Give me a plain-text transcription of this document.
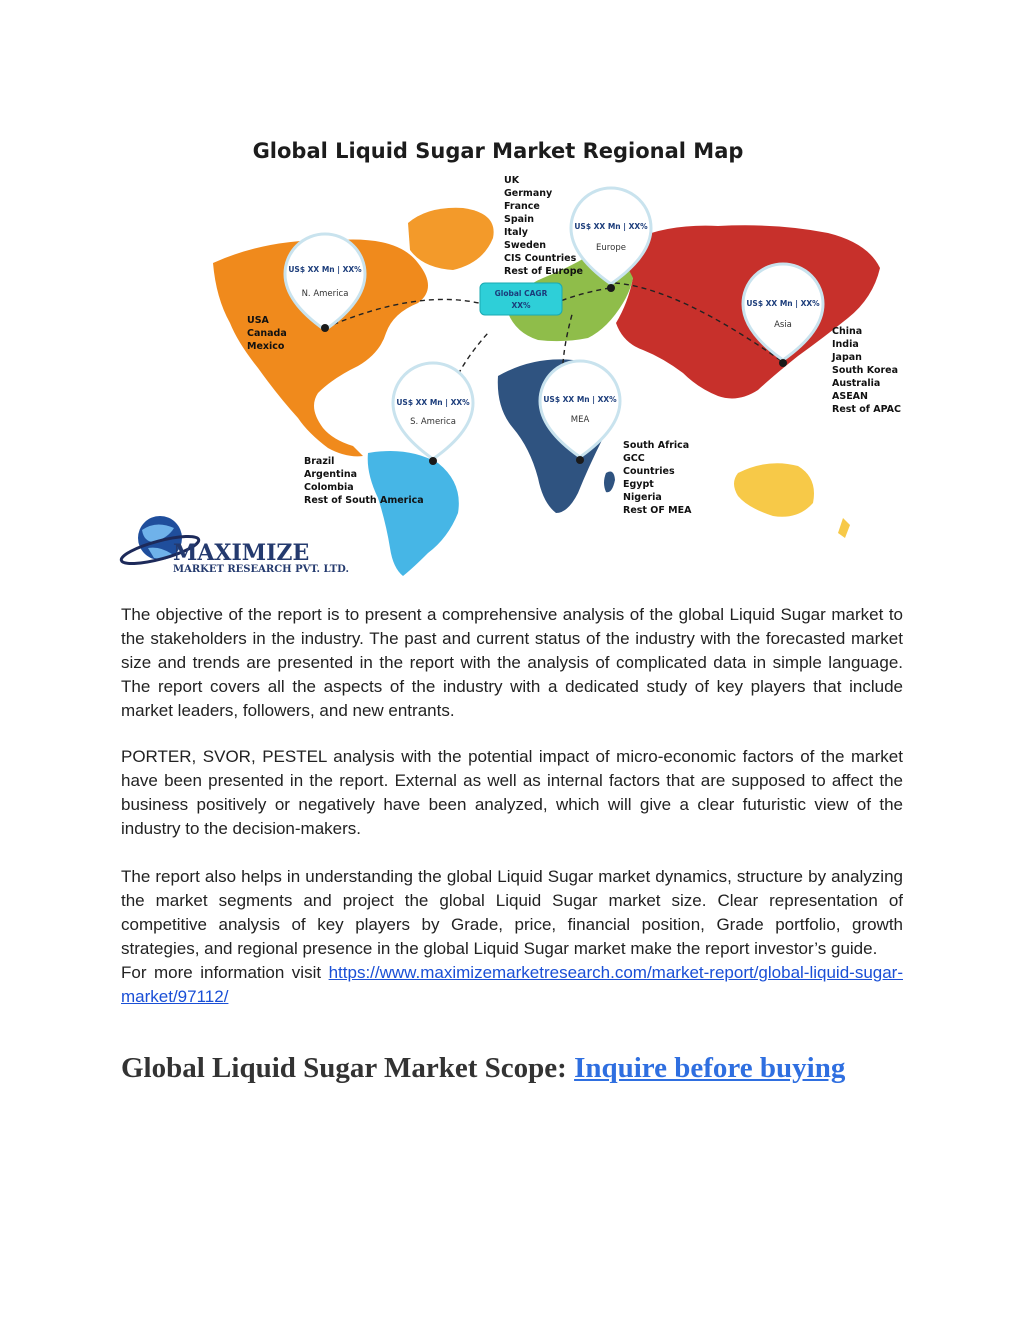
Global Liquid Sugar Market Regional Map
Global CAGR
XX%
US$ XX Mn | XX%
N. America
US$ XX Mn | XX%
Europe
US$ XX Mn | XX%
Asia
US$ XX Mn | XX%
S. America
US$ XX Mn | XX%
MEA
USA
Canada
Mexico
UK
Germany
France
Spain
Italy
Sweden
CIS Countries
Rest of Europe
China
India
Japan
South Korea
Australia
ASEAN
Rest of APAC
Brazil
Argentina
Colombia
Rest of South America
South Africa
GCC
Countries
Egypt
Nigeria
Rest OF MEA
MAXIMIZE
MARKET RESEARCH PVT. LTD.

The objective of the report is to present a comprehensive analysis of the global Liquid Sugar market to the stakeholders in the industry. The past and current status of the industry with the forecasted market size and trends are presented in the report with the analysis of complicated data in simple language. The report covers all the aspects of the industry with a dedicated study of key players that include market leaders, followers, and new entrants.

PORTER, SVOR, PESTEL analysis with the potential impact of micro-economic factors of the market have been presented in the report. External as well as internal factors that are supposed to affect the business positively or negatively have been analyzed, which will give a clear futuristic view of the industry to the decision-makers.

The report also helps in understanding the global Liquid Sugar market dynamics, structure by analyzing the market segments and project the global Liquid Sugar market size. Clear representation of competitive analysis of key players by Grade, price, financial position, Grade portfolio, growth strategies, and regional presence in the global Liquid Sugar market make the report investor’s guide.

For more information visit https://www.maximizemarketresearch.com/market-report/global-liquid-sugar-market/97112/

Global Liquid Sugar Market Scope: Inquire before buying
